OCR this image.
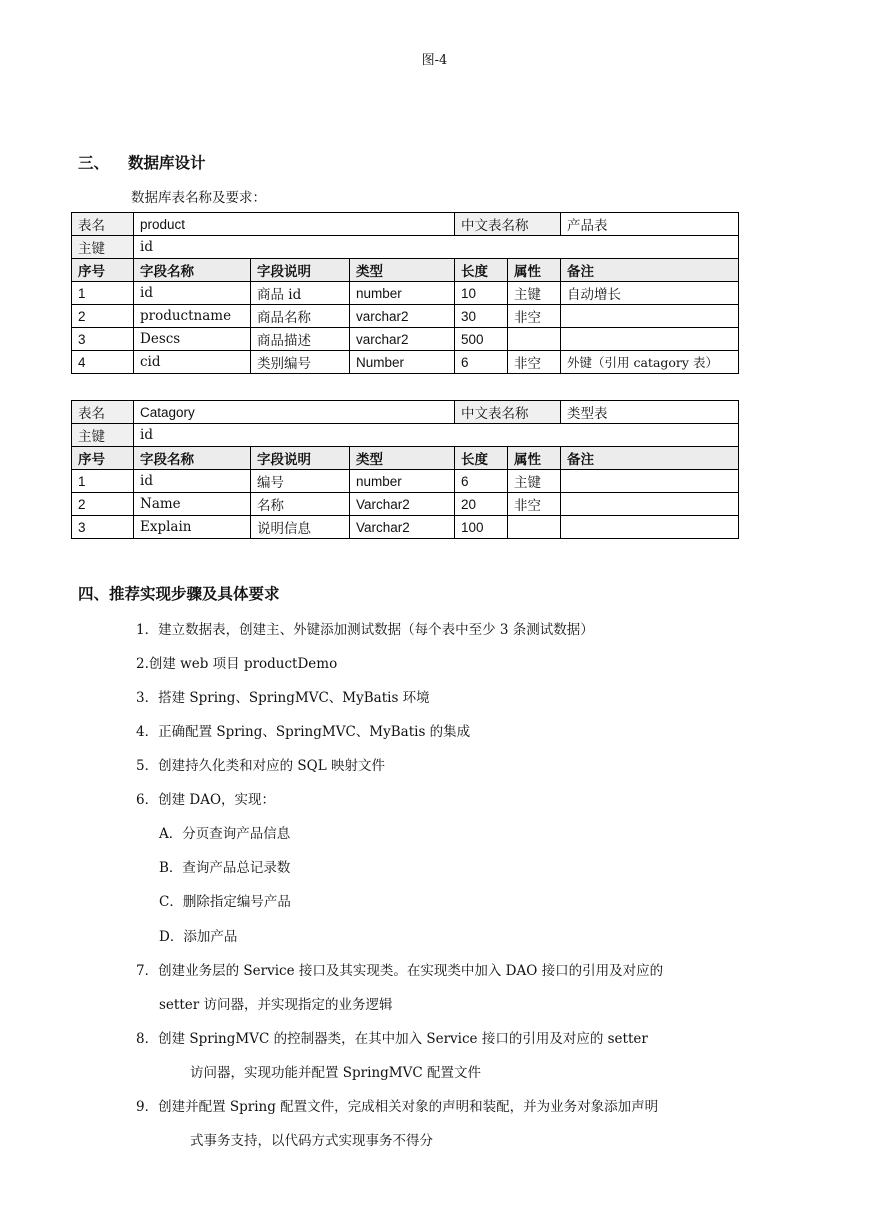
图-4
三、 数据库设计
数据库表名称及要求：
表名	product			中文表名称		产品表
主键	id					
序号	字段名称	字段说明	类型	长度	属性	备注
1	id	商品 id	number	10	主键	自动增长
2	productname	商品名称	varchar2	30	非空	
3	Descs	商品描述	varchar2	500		
4	cid	类别编号	Number	6	非空	外键（引用 catagory 表）
表名	Catagory			中文表名称		类型表
主键	id					
序号	字段名称	字段说明	类型	长度	属性	备注
1	id	编号	number	6	主键	
2	Name	名称	Varchar2	20	非空	
3	Explain	说明信息	Varchar2	100		
四、推荐实现步骤及具体要求
1．建立数据表，创建主、外键添加测试数据（每个表中至少 3 条测试数据）
2.创建 web 项目 productDemo
3．搭建 Spring、SpringMVC、MyBatis 环境
4．正确配置 Spring、SpringMVC、MyBatis 的集成
5．创建持久化类和对应的 SQL 映射文件
6．创建 DAO，实现：
A．分页查询产品信息
B．查询产品总记录数
C．删除指定编号产品
D．添加产品
7．创建业务层的 Service 接口及其实现类。在实现类中加入 DAO 接口的引用及对应的
setter 访问器，并实现指定的业务逻辑
8．创建 SpringMVC 的控制器类，在其中加入 Service 接口的引用及对应的 setter
访问器，实现功能并配置 SpringMVC 配置文件
9．创建并配置 Spring 配置文件，完成相关对象的声明和装配，并为业务对象添加声明
式事务支持，以代码方式实现事务不得分
